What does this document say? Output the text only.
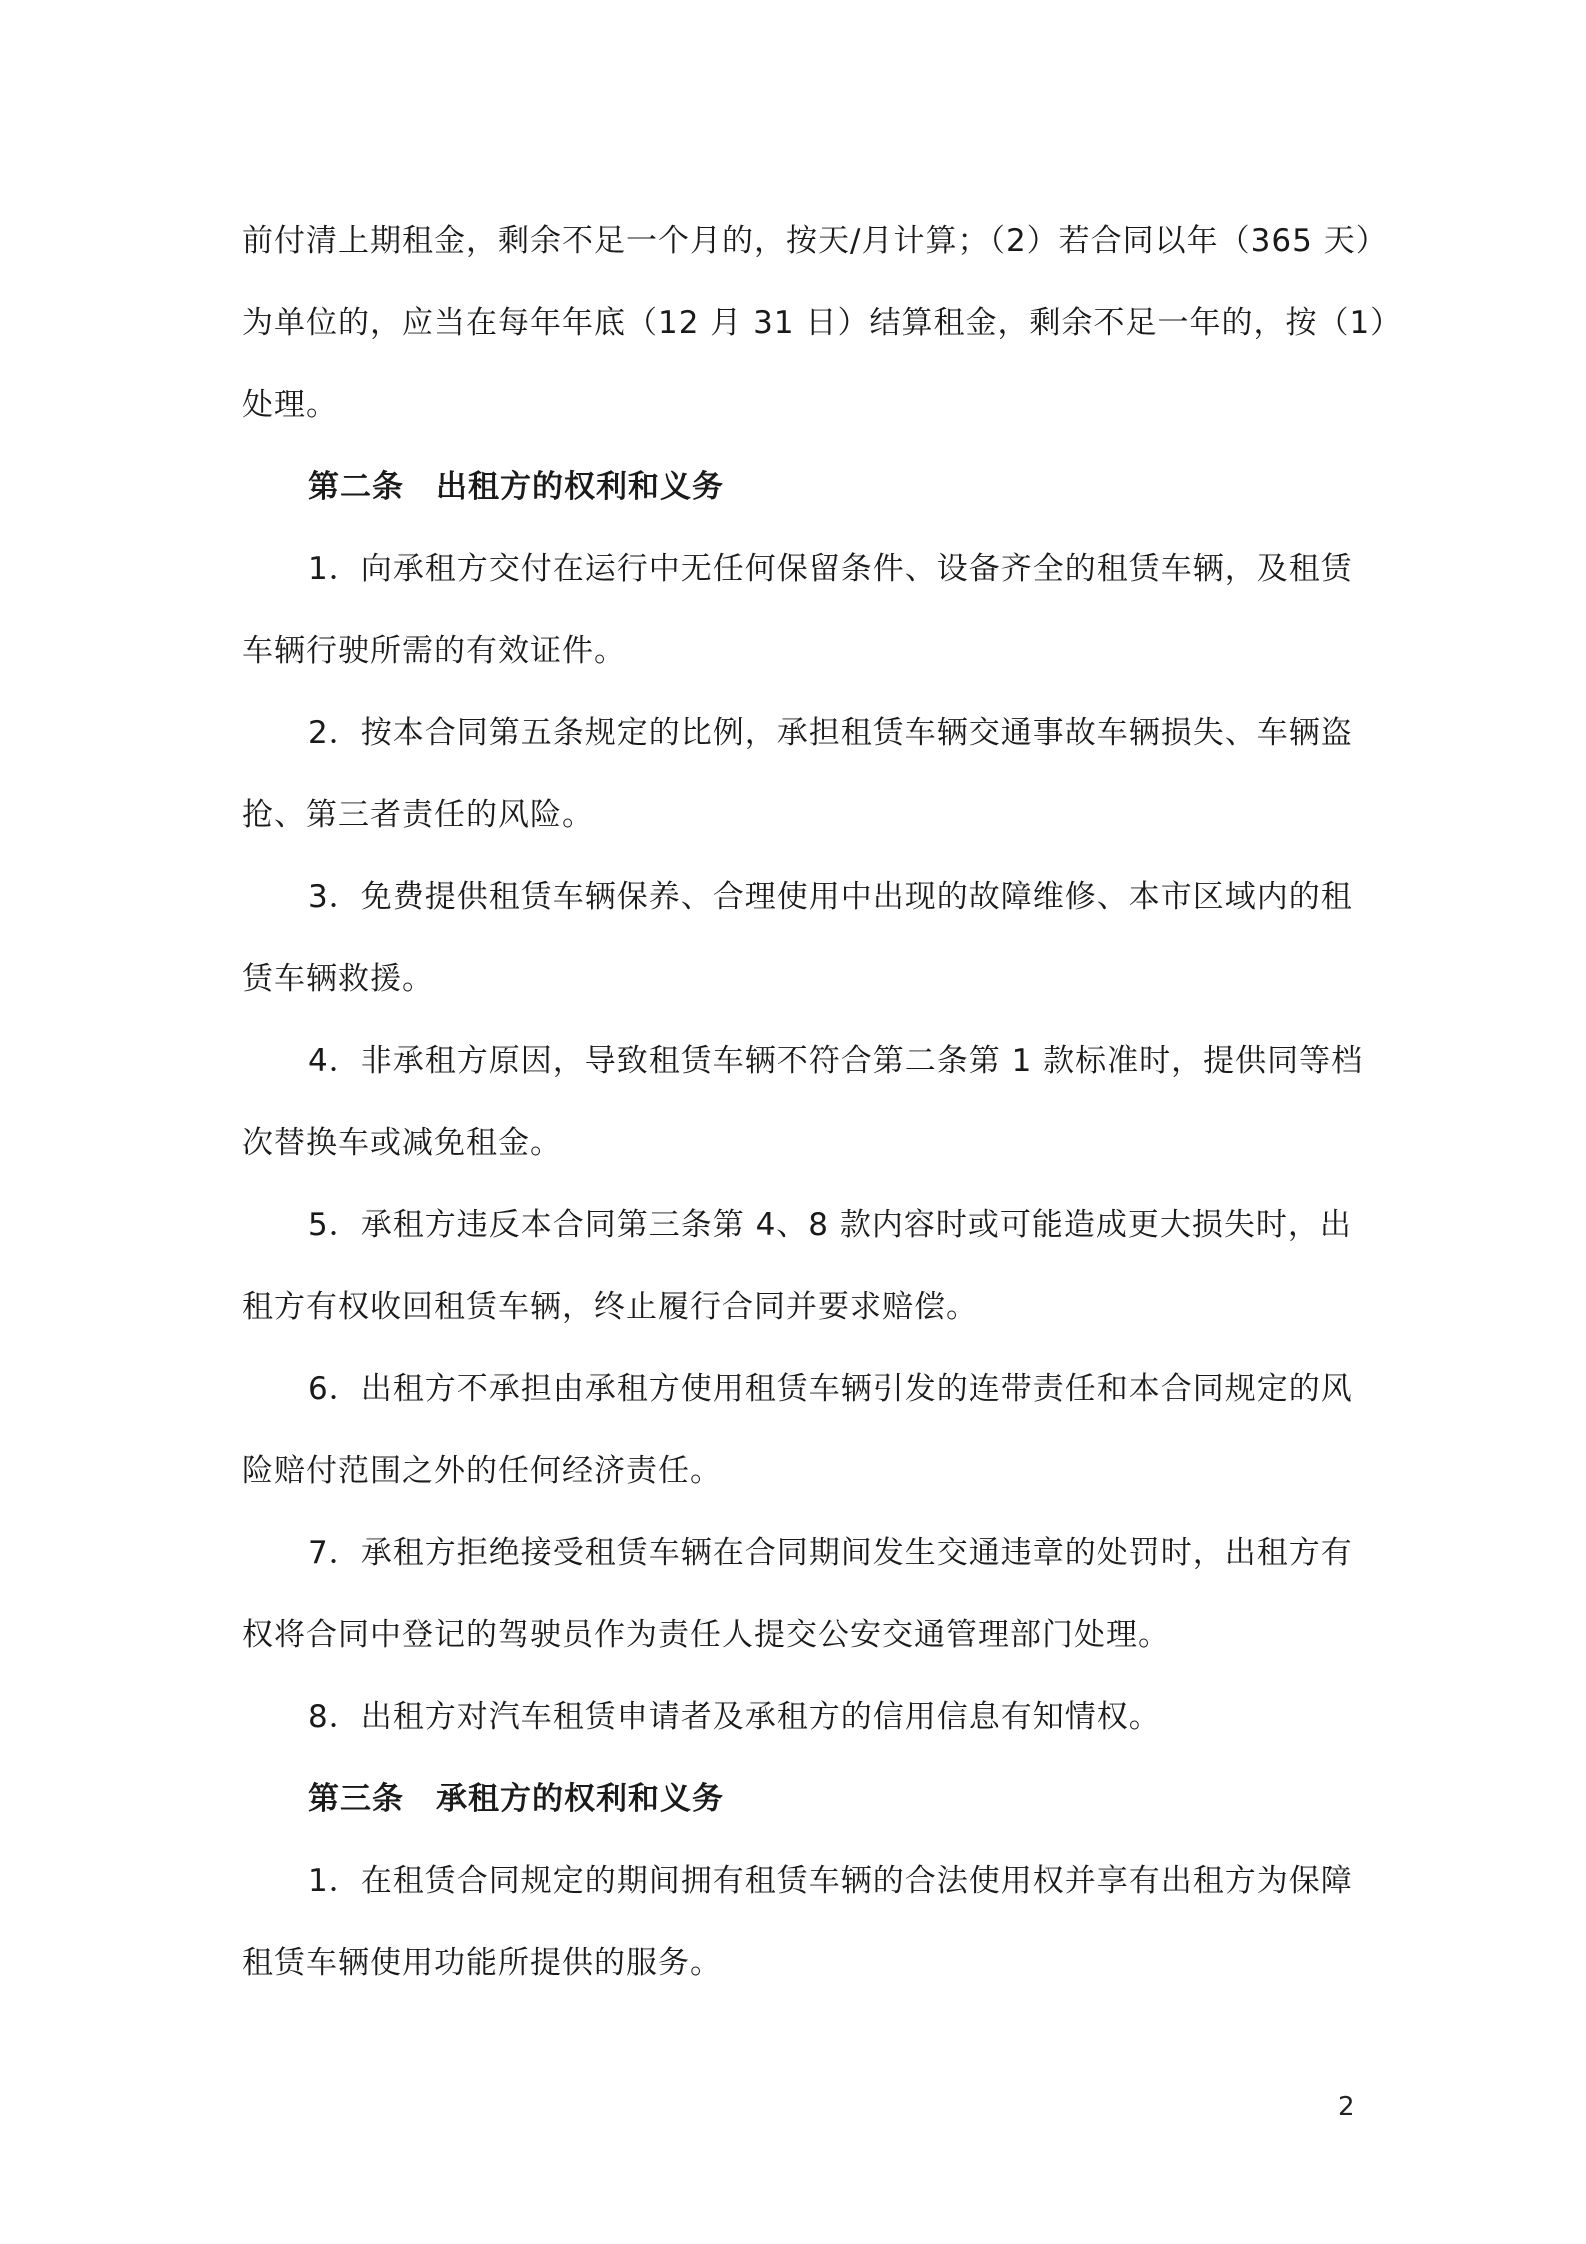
前付清上期租金，剩余不足一个月的，按天/月计算；（2）若合同以年（365 天）

为单位的，应当在每年年底（12 月 31 日）结算租金，剩余不足一年的，按（1）

处理。

第二条　出租方的权利和义务

1．向承租方交付在运行中无任何保留条件、设备齐全的租赁车辆，及租赁

车辆行驶所需的有效证件。

2．按本合同第五条规定的比例，承担租赁车辆交通事故车辆损失、车辆盗

抢、第三者责任的风险。

3．免费提供租赁车辆保养、合理使用中出现的故障维修、本市区域内的租

赁车辆救援。

4．非承租方原因，导致租赁车辆不符合第二条第 1 款标准时，提供同等档

次替换车或减免租金。

5．承租方违反本合同第三条第 4、8 款内容时或可能造成更大损失时，出

租方有权收回租赁车辆，终止履行合同并要求赔偿。

6．出租方不承担由承租方使用租赁车辆引发的连带责任和本合同规定的风

险赔付范围之外的任何经济责任。

7．承租方拒绝接受租赁车辆在合同期间发生交通违章的处罚时，出租方有

权将合同中登记的驾驶员作为责任人提交公安交通管理部门处理。

8．出租方对汽车租赁申请者及承租方的信用信息有知情权。

第三条　承租方的权利和义务

1．在租赁合同规定的期间拥有租赁车辆的合法使用权并享有出租方为保障

租赁车辆使用功能所提供的服务。

2
